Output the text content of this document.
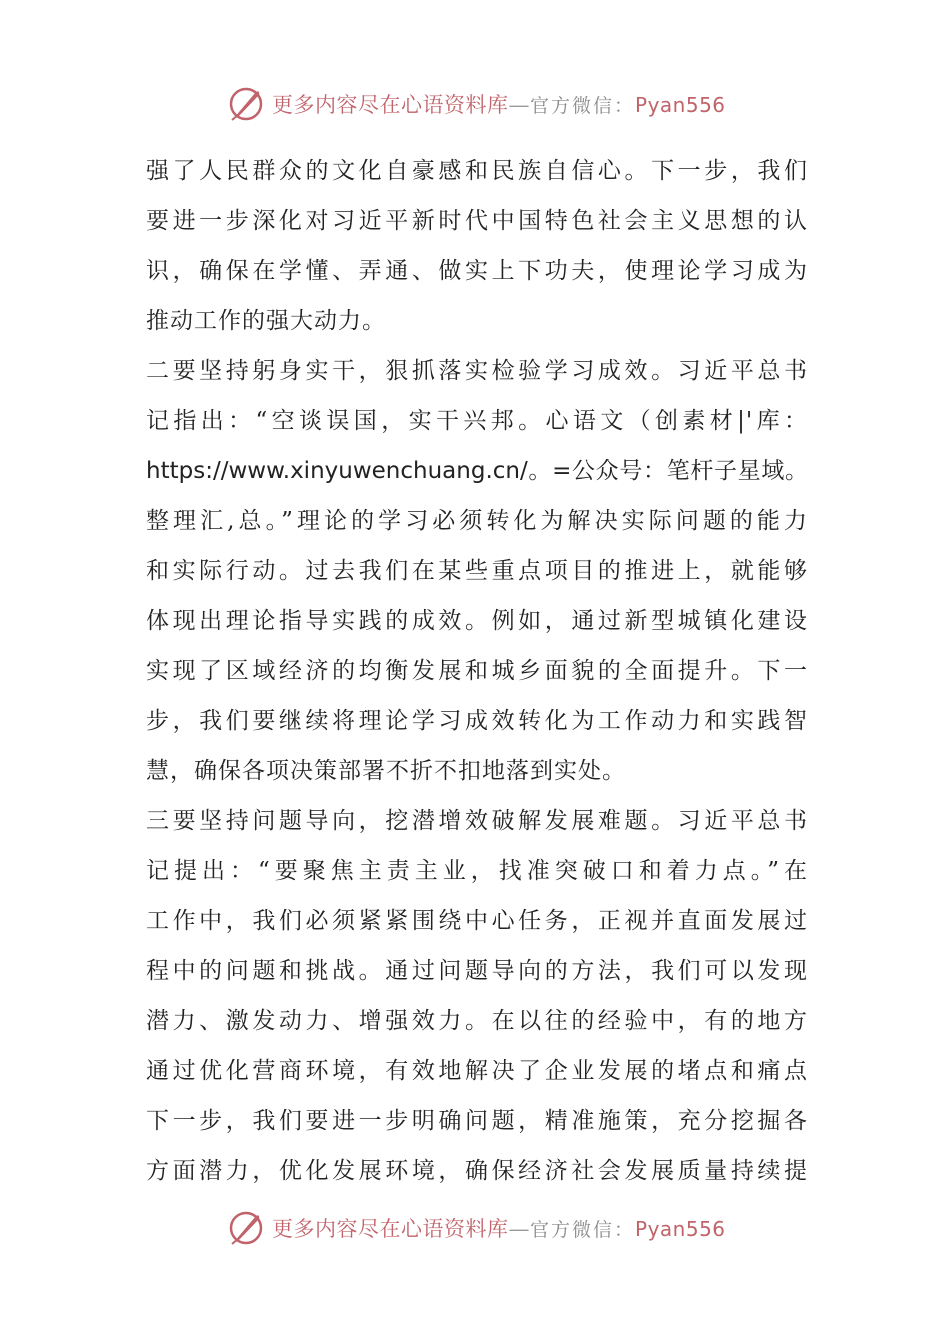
更多内容尽在心语资料库—官方微信：Pyan556
强了人民群众的文化自豪感和民族自信心。下一步，我们
要进一步深化对习近平新时代中国特色社会主义思想的认
识，确保在学懂、弄通、做实上下功夫，使理论学习成为
推动工作的强大动力。
二要坚持躬身实干，狠抓落实检验学习成效。习近平总书
记指出：“空谈误国，实干兴邦。心语文（创素材|'库：
https://www.xinyuwenchuang.cn/。=公众号：笔杆子星域。
整理汇,总。”理论的学习必须转化为解决实际问题的能力
和实际行动。过去我们在某些重点项目的推进上，就能够
体现出理论指导实践的成效。例如，通过新型城镇化建设
实现了区域经济的均衡发展和城乡面貌的全面提升。下一
步，我们要继续将理论学习成效转化为工作动力和实践智
慧，确保各项决策部署不折不扣地落到实处。
三要坚持问题导向，挖潜增效破解发展难题。习近平总书
记提出：“要聚焦主责主业，找准突破口和着力点。”在
工作中，我们必须紧紧围绕中心任务，正视并直面发展过
程中的问题和挑战。通过问题导向的方法，我们可以发现
潜力、激发动力、增强效力。在以往的经验中，有的地方
通过优化营商环境，有效地解决了企业发展的堵点和痛点
下一步，我们要进一步明确问题，精准施策，充分挖掘各
方面潜力，优化发展环境，确保经济社会发展质量持续提
更多内容尽在心语资料库—官方微信：Pyan556
